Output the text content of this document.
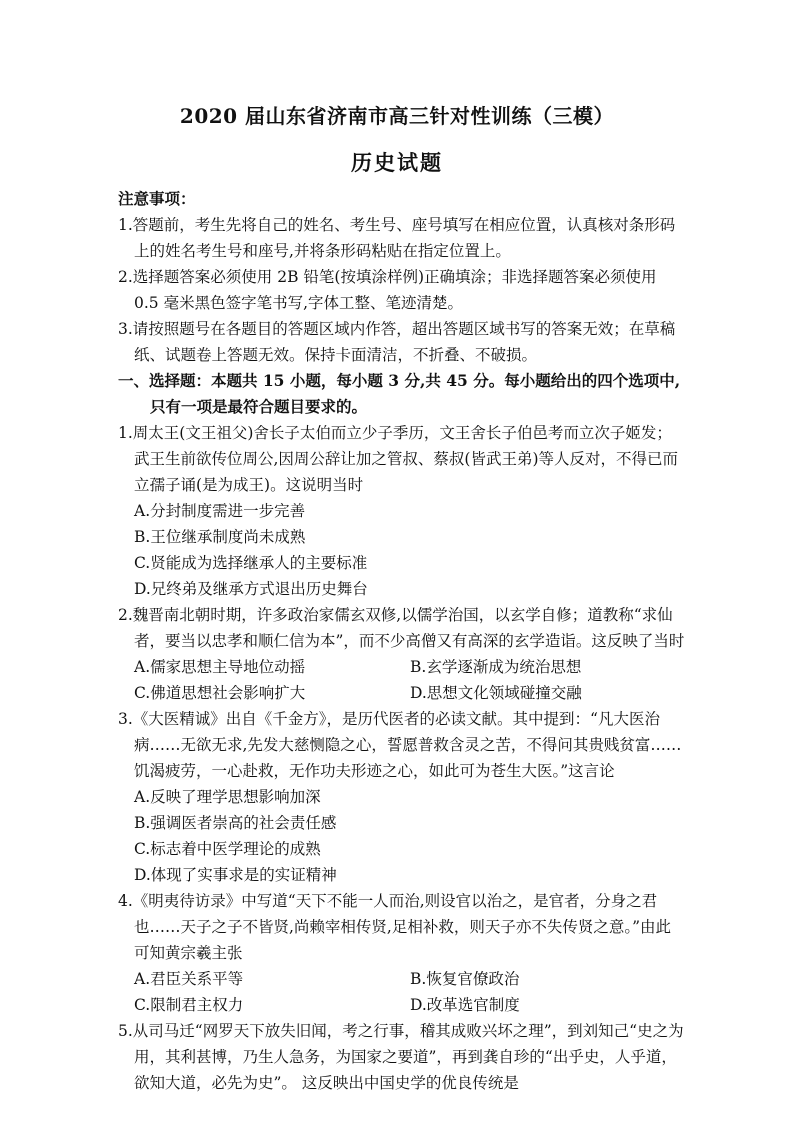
2020 届山东省济南市高三针对性训练（三模）
历史试题
注意事项：

1.答题前，考生先将自己的姓名、考生号、座号填写在相应位置，认真核对条形码上的姓名考生号和座号,并将条形码粘贴在指定位置上。

2.选择题答案必须使用 2B 铅笔(按填涂样例)正确填涂；非选择题答案必须使用 0.5 毫米黑色签字笔书写,字体工整、笔迹清楚。

3.请按照题号在各题目的答题区域内作答，超出答题区域书写的答案无效；在草稿纸、试题卷上答题无效。保持卡面清洁，不折叠、不破损。

一、选择题：本题共 15 小题，每小题 3 分,共 45 分。每小题给出的四个选项中,只有一项是最符合题目要求的。

1.周太王(文王祖父)舍长子太伯而立少子季历，文王舍长子伯邑考而立次子姬发；武王生前欲传位周公,因周公辞让加之管叔、蔡叔(皆武王弟)等人反对，不得已而立孺子诵(是为成王)。这说明当时

A.分封制度需进一步完善

B.王位继承制度尚未成熟

C.贤能成为选择继承人的主要标准

D.兄终弟及继承方式退出历史舞台

2.魏晋南北朝时期，许多政治家儒玄双修,以儒学治国，以玄学自修；道教称“求仙者，要当以忠孝和顺仁信为本”，而不少高僧又有高深的玄学造诣。这反映了当时

A.儒家思想主导地位动摇	B.玄学逐渐成为统治思想
C.佛道思想社会影响扩大	D.思想文化领域碰撞交融

3.《大医精诚》出自《千金方》，是历代医者的必读文献。其中提到：“凡大医治病……无欲无求,先发大慈恻隐之心，誓愿普救含灵之苦，不得问其贵贱贫富……饥渴疲劳，一心赴救，无作功夫形迹之心，如此可为苍生大医。”这言论

A.反映了理学思想影响加深

B.强调医者崇高的社会责任感

C.标志着中医学理论的成熟

D.体现了实事求是的实证精神

4.《明夷待访录》中写道“天下不能一人而治,则设官以治之，是官者，分身之君也……天子之子不皆贤,尚赖宰相传贤,足相补救，则天子亦不失传贤之意。”由此可知黄宗羲主张

A.君臣关系平等	B.恢复官僚政治
C.限制君主权力	D.改革选官制度

5.从司马迁“网罗天下放失旧闻，考之行事，稽其成败兴坏之理”，到刘知己“史之为用，其利甚博，乃生人急务，为国家之要道”，再到龚自珍的“出乎史，人乎道，欲知大道，必先为史”。 这反映出中国史学的优良传统是
